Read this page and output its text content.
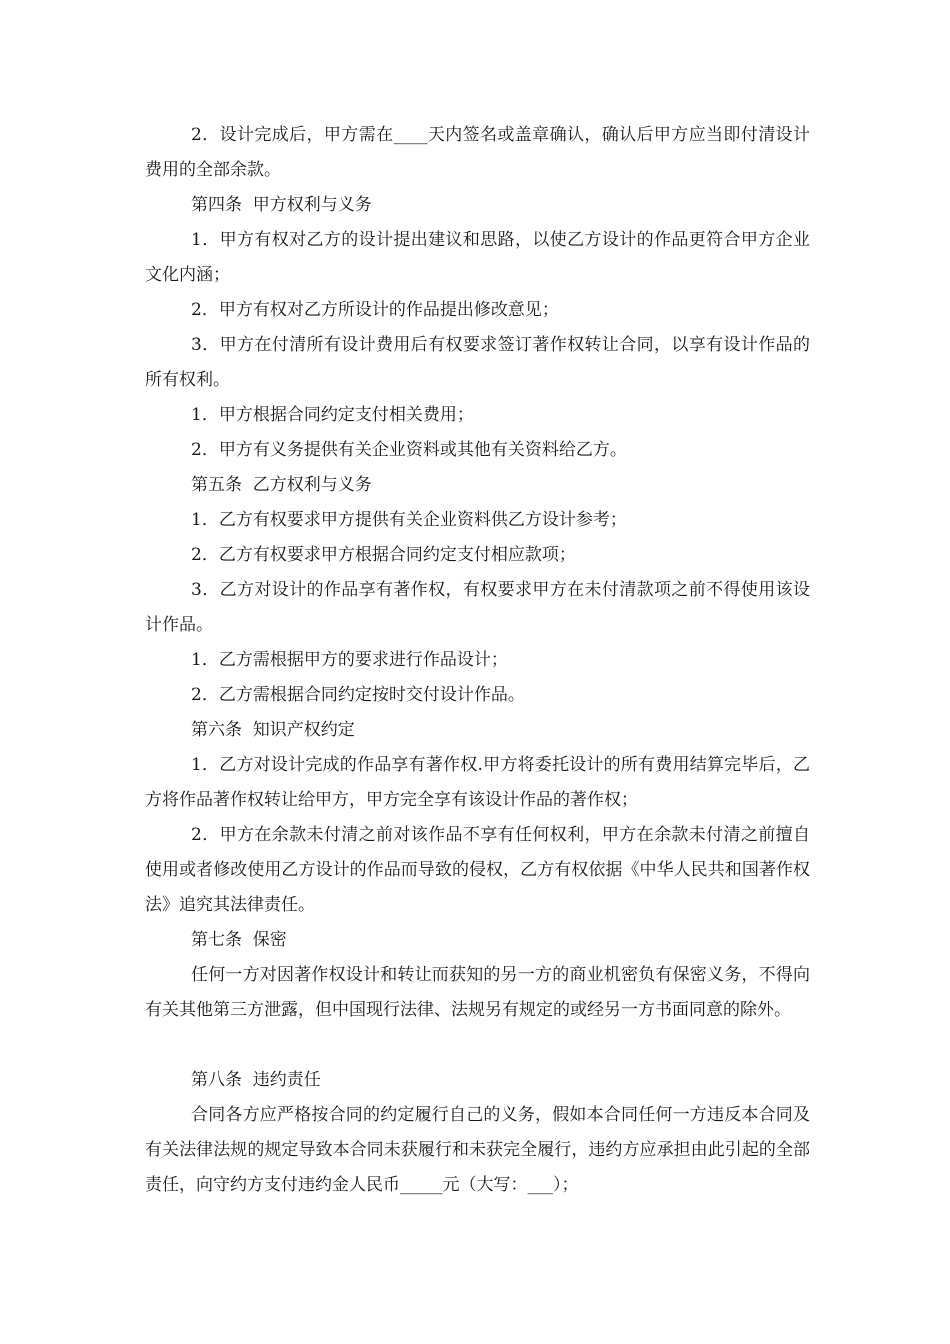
2．设计完成后，甲方需在____天内签名或盖章确认，确认后甲方应当即付清设计费用的全部余款。

第四条  甲方权利与义务

1．甲方有权对乙方的设计提出建议和思路，以使乙方设计的作品更符合甲方企业文化内涵；

2．甲方有权对乙方所设计的作品提出修改意见；

3．甲方在付清所有设计费用后有权要求签订著作权转让合同，以享有设计作品的所有权利。

1．甲方根据合同约定支付相关费用；

2．甲方有义务提供有关企业资料或其他有关资料给乙方。

第五条  乙方权利与义务

1．乙方有权要求甲方提供有关企业资料供乙方设计参考；

2．乙方有权要求甲方根据合同约定支付相应款项；

3．乙方对设计的作品享有著作权，有权要求甲方在未付清款项之前不得使用该设计作品。

1．乙方需根据甲方的要求进行作品设计；

2．乙方需根据合同约定按时交付设计作品。

第六条  知识产权约定

1．乙方对设计完成的作品享有著作权.甲方将委托设计的所有费用结算完毕后，乙方将作品著作权转让给甲方，甲方完全享有该设计作品的著作权；

2．甲方在余款未付清之前对该作品不享有任何权利，甲方在余款未付清之前擅自使用或者修改使用乙方设计的作品而导致的侵权，乙方有权依据《中华人民共和国著作权法》追究其法律责任。

第七条  保密

任何一方对因著作权设计和转让而获知的另一方的商业机密负有保密义务，不得向有关其他第三方泄露，但中国现行法律、法规另有规定的或经另一方书面同意的除外。

第八条  违约责任

合同各方应严格按合同的约定履行自己的义务，假如本合同任何一方违反本合同及有关法律法规的规定导致本合同未获履行和未获完全履行，违约方应承担由此引起的全部责任，向守约方支付违约金人民币_____元（大写：___）；
